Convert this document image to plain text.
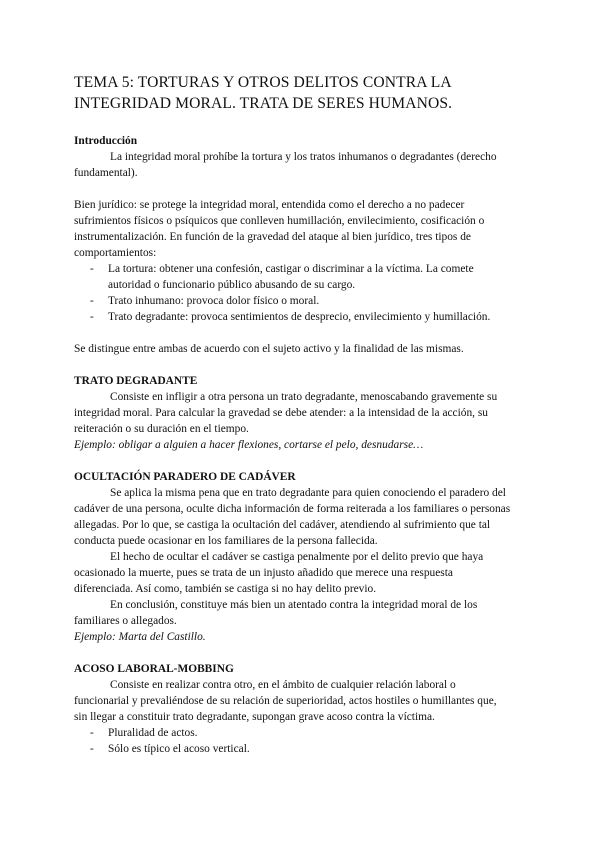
TEMA 5: TORTURAS Y OTROS DELITOS CONTRA LA INTEGRIDAD MORAL. TRATA DE SERES HUMANOS.

Introducción

La integridad moral prohíbe la tortura y los tratos inhumanos o degradantes (derecho fundamental).

Bien jurídico: se protege la integridad moral, entendida como el derecho a no padecer sufrimientos físicos o psíquicos que conlleven humillación, envilecimiento, cosificación o instrumentalización. En función de la gravedad del ataque al bien jurídico, tres tipos de comportamientos:

- La tortura: obtener una confesión, castigar o discriminar a la víctima. La comete autoridad o funcionario público abusando de su cargo.
- Trato inhumano: provoca dolor físico o moral.
- Trato degradante: provoca sentimientos de desprecio, envilecimiento y humillación.

Se distingue entre ambas de acuerdo con el sujeto activo y la finalidad de las mismas.

TRATO DEGRADANTE

Consiste en infligir a otra persona un trato degradante, menoscabando gravemente su integridad moral. Para calcular la gravedad se debe atender: a la intensidad de la acción, su reiteración o su duración en el tiempo.

Ejemplo: obligar a alguien a hacer flexiones, cortarse el pelo, desnudarse…

OCULTACIÓN PARADERO DE CADÁVER

Se aplica la misma pena que en trato degradante para quien conociendo el paradero del cadáver de una persona, oculte dicha información de forma reiterada a los familiares o personas allegadas. Por lo que, se castiga la ocultación del cadáver, atendiendo al sufrimiento que tal conducta puede ocasionar en los familiares de la persona fallecida.

El hecho de ocultar el cadáver se castiga penalmente por el delito previo que haya ocasionado la muerte, pues se trata de un injusto añadido que merece una respuesta diferenciada. Así como, también se castiga si no hay delito previo.

En conclusión, constituye más bien un atentado contra la integridad moral de los familiares o allegados.

Ejemplo: Marta del Castillo.

ACOSO LABORAL-MOBBING

Consiste en realizar contra otro, en el ámbito de cualquier relación laboral o funcionarial y prevaliéndose de su relación de superioridad, actos hostiles o humillantes que, sin llegar a constituir trato degradante, supongan grave acoso contra la víctima.

- Pluralidad de actos.
- Sólo es típico el acoso vertical.
